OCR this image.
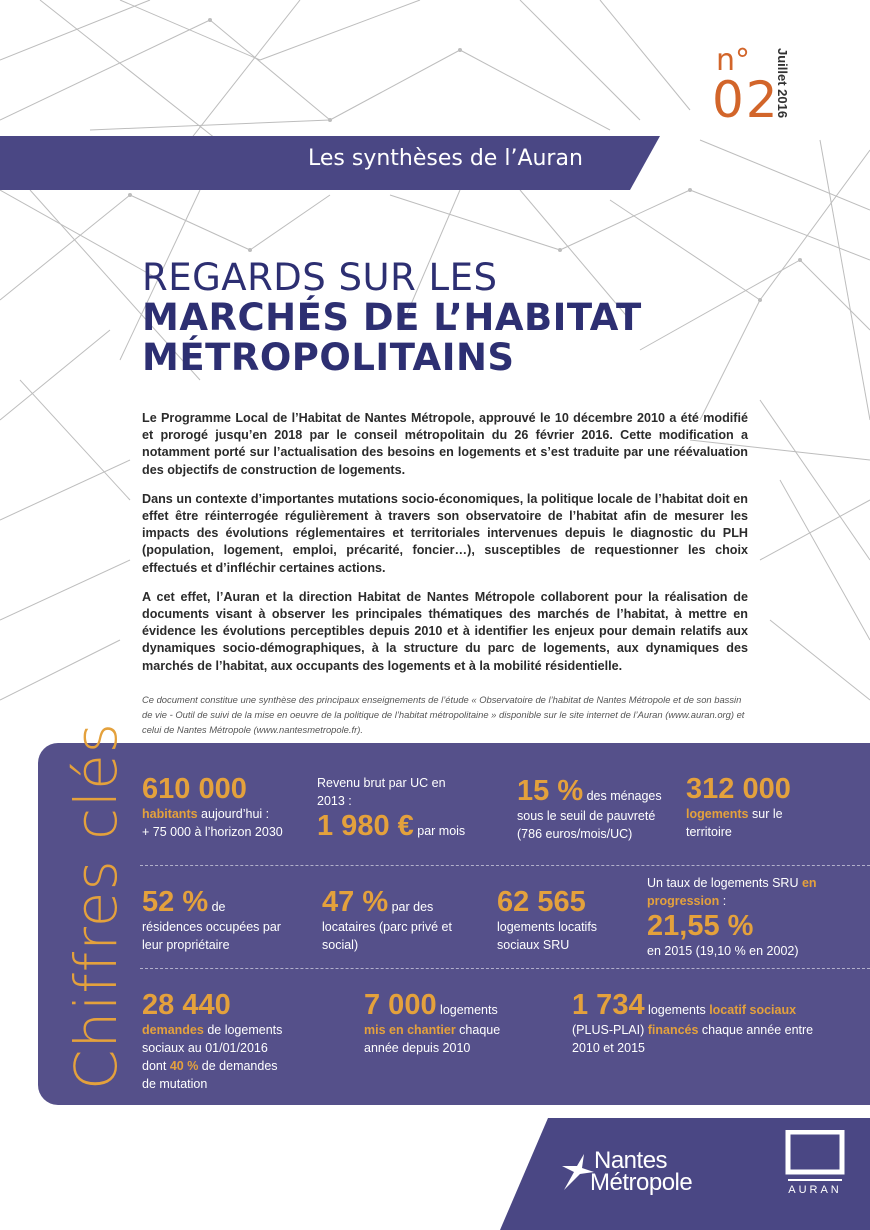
n°
02
Juillet 2016
Les synthèses de l’Auran
REGARDS SUR LES
MARCHÉS DE L’HABITAT
MÉTROPOLITAINS

Le Programme Local de l’Habitat de Nantes Métropole, approuvé le 10 décembre 2010 a été modifié et prorogé jusqu’en 2018 par le conseil métropolitain du 26 février 2016. Cette modification a notamment porté sur l’actualisation des besoins en logements et s’est traduite par une réévaluation des objectifs de construction de logements.

Dans un contexte d’importantes mutations socio-économiques, la politique locale de l’habitat doit en effet être réinterrogée régulièrement à travers son observatoire de l’habitat afin de mesurer les impacts des évolutions réglementaires et territoriales intervenues depuis le diagnostic du PLH (population, logement, emploi, précarité, foncier…), susceptibles de requestionner les choix effectués et d’infléchir certaines actions.

A cet effet, l’Auran et la direction Habitat de Nantes Métropole collaborent pour la réalisation de documents visant à observer les principales thématiques des marchés de l’habitat, à mettre en évidence les évolutions perceptibles depuis 2010 et à identifier les enjeux pour demain relatifs aux dynamiques socio-démographiques, à la structure du parc de logements, aux dynamiques des marchés de l’habitat, aux occupants des logements et à la mobilité résidentielle.

Ce document constitue une synthèse des principaux enseignements de l’étude « Observatoire de l’habitat de Nantes Métropole et de son bassin de vie - Outil de suivi de la mise en oeuvre de la politique de l’habitat métropolitaine » disponible sur le site internet de l’Auran (www.auran.org) et celui de Nantes Métropole (www.nantesmetropole.fr).
Chiffres clés 610 000
habitants aujourd’hui :
+ 75 000 à l’horizon 2030
Revenu brut par UC en
2013 :
1 980 € par mois
15 % des ménages
sous le seuil de pauvreté
(786 euros/mois/UC)
312 000
logements sur le
territoire
52 % de
résidences occupées par
leur propriétaire
47 % par des
locataires (parc privé et
social)
62 565
logements locatifs
sociaux SRU
Un taux de logements SRU en
progression :

21,55 %
en 2015 (19,10 % en 2002)
28 440
demandes de logements
sociaux au 01/01/2016
dont 40 % de demandes
de mutation
7 000 logements
mis en chantier chaque
année depuis 2010
1 734 logements locatif sociaux
(PLUS-PLAI) financés chaque année entre
2010 et 2015
Nantes
Métropole	AURAN
